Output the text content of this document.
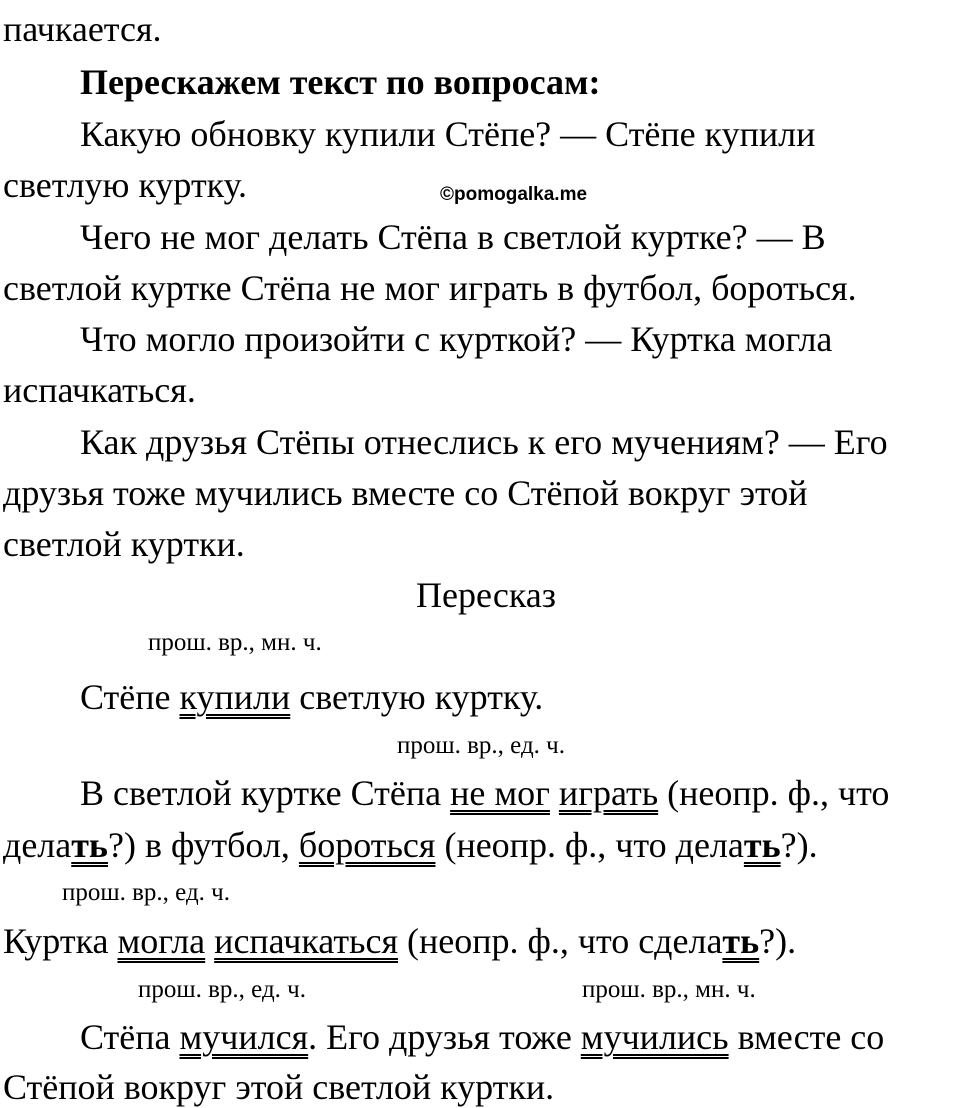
пачкается.
Перескажем текст по вопросам:
Какую обновку купили Стёпе? — Стёпе купили
светлую куртку.	©pomogalka.me
Чего не мог делать Стёпа в светлой куртке? — В
светлой куртке Стёпа не мог играть в футбол, бороться.
Что могло произойти с курткой? — Куртка могла
испачкаться.
Как друзья Стёпы отнеслись к его мучениям? — Его
друзья тоже мучились вместе со Стёпой вокруг этой
светлой куртки.
Пересказ
прош. вр., мн. ч.
Стёпе купили светлую куртку.
прош. вр., ед. ч.
В светлой куртке Стёпа не мог играть (неопр. ф., что
делать?) в футбол, бороться (неопр. ф., что делать?).
прош. вр., ед. ч.
Куртка могла испачкаться (неопр. ф., что сделать?).
прош. вр., ед. ч.	прош. вр., мн. ч.
Стёпа мучился. Его друзья тоже мучились вместе со
Стёпой вокруг этой светлой куртки.
